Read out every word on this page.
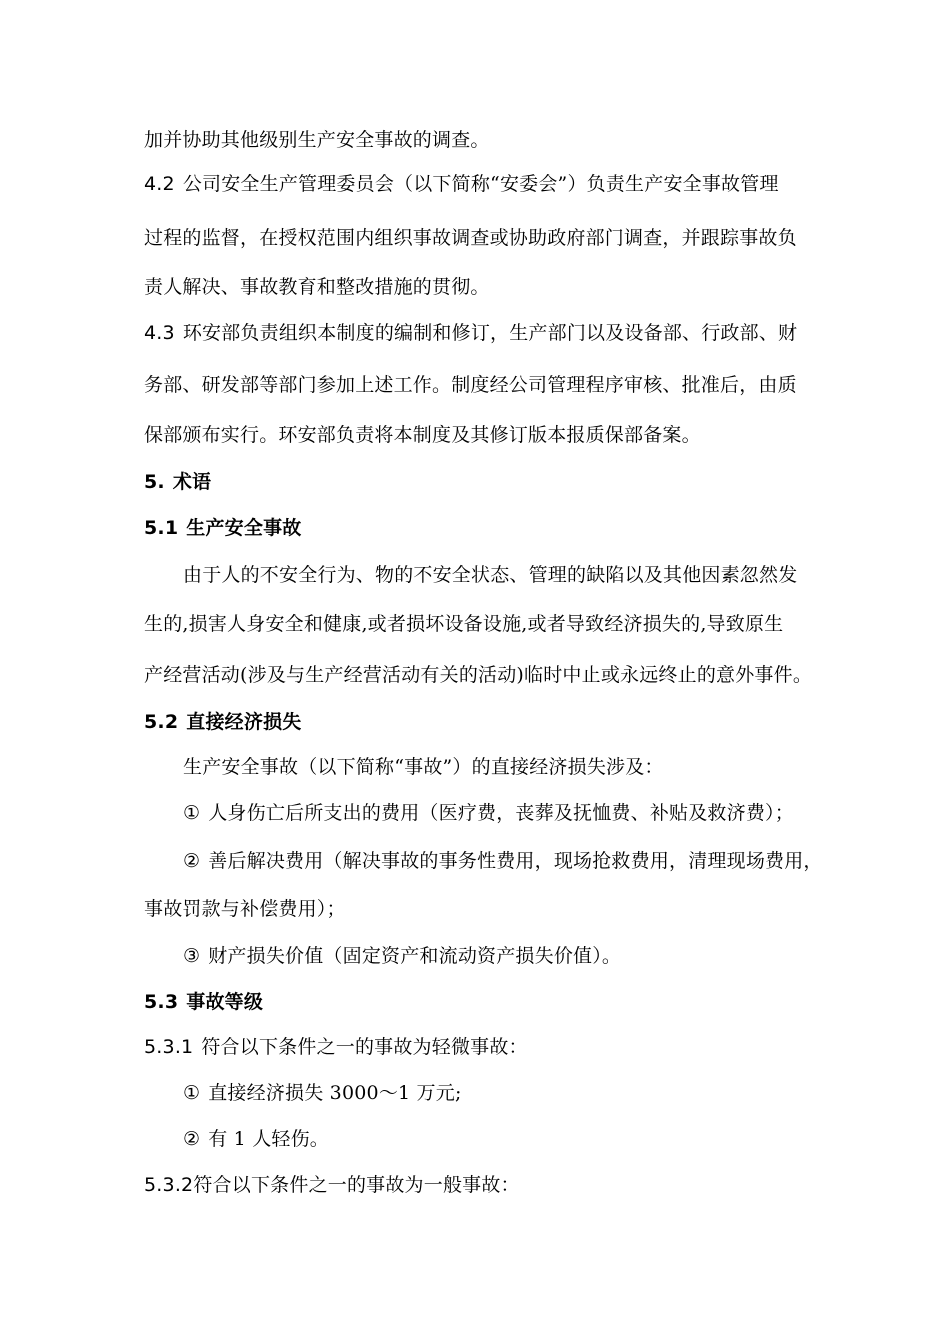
加并协助其他级别生产安全事故的调查。
4.2 公司安全生产管理委员会（以下简称“安委会”）负责生产安全事故管理
过程的监督，在授权范围内组织事故调查或协助政府部门调查，并跟踪事故负
责人解决、事故教育和整改措施的贯彻。
4.3 环安部负责组织本制度的编制和修订，生产部门以及设备部、行政部、财
务部、研发部等部门参加上述工作。制度经公司管理程序审核、批准后，由质
保部颁布实行。环安部负责将本制度及其修订版本报质保部备案。
5. 术语
5.1 生产安全事故
由于人的不安全行为、物的不安全状态、管理的缺陷以及其他因素忽然发
生的,损害人身安全和健康,或者损坏设备设施,或者导致经济损失的,导致原生
产经营活动(涉及与生产经营活动有关的活动)临时中止或永远终止的意外事件。
5.2 直接经济损失
生产安全事故（以下简称“事故”）的直接经济损失涉及：
① 人身伤亡后所支出的费用（医疗费，丧葬及抚恤费、补贴及救济费）；
② 善后解决费用（解决事故的事务性费用，现场抢救费用，清理现场费用，
事故罚款与补偿费用）；
③ 财产损失价值（固定资产和流动资产损失价值）。
5.3 事故等级
5.3.1 符合以下条件之一的事故为轻微事故：
① 直接经济损失 3000～1 万元;
② 有 1 人轻伤。
5.3.2符合以下条件之一的事故为一般事故：
